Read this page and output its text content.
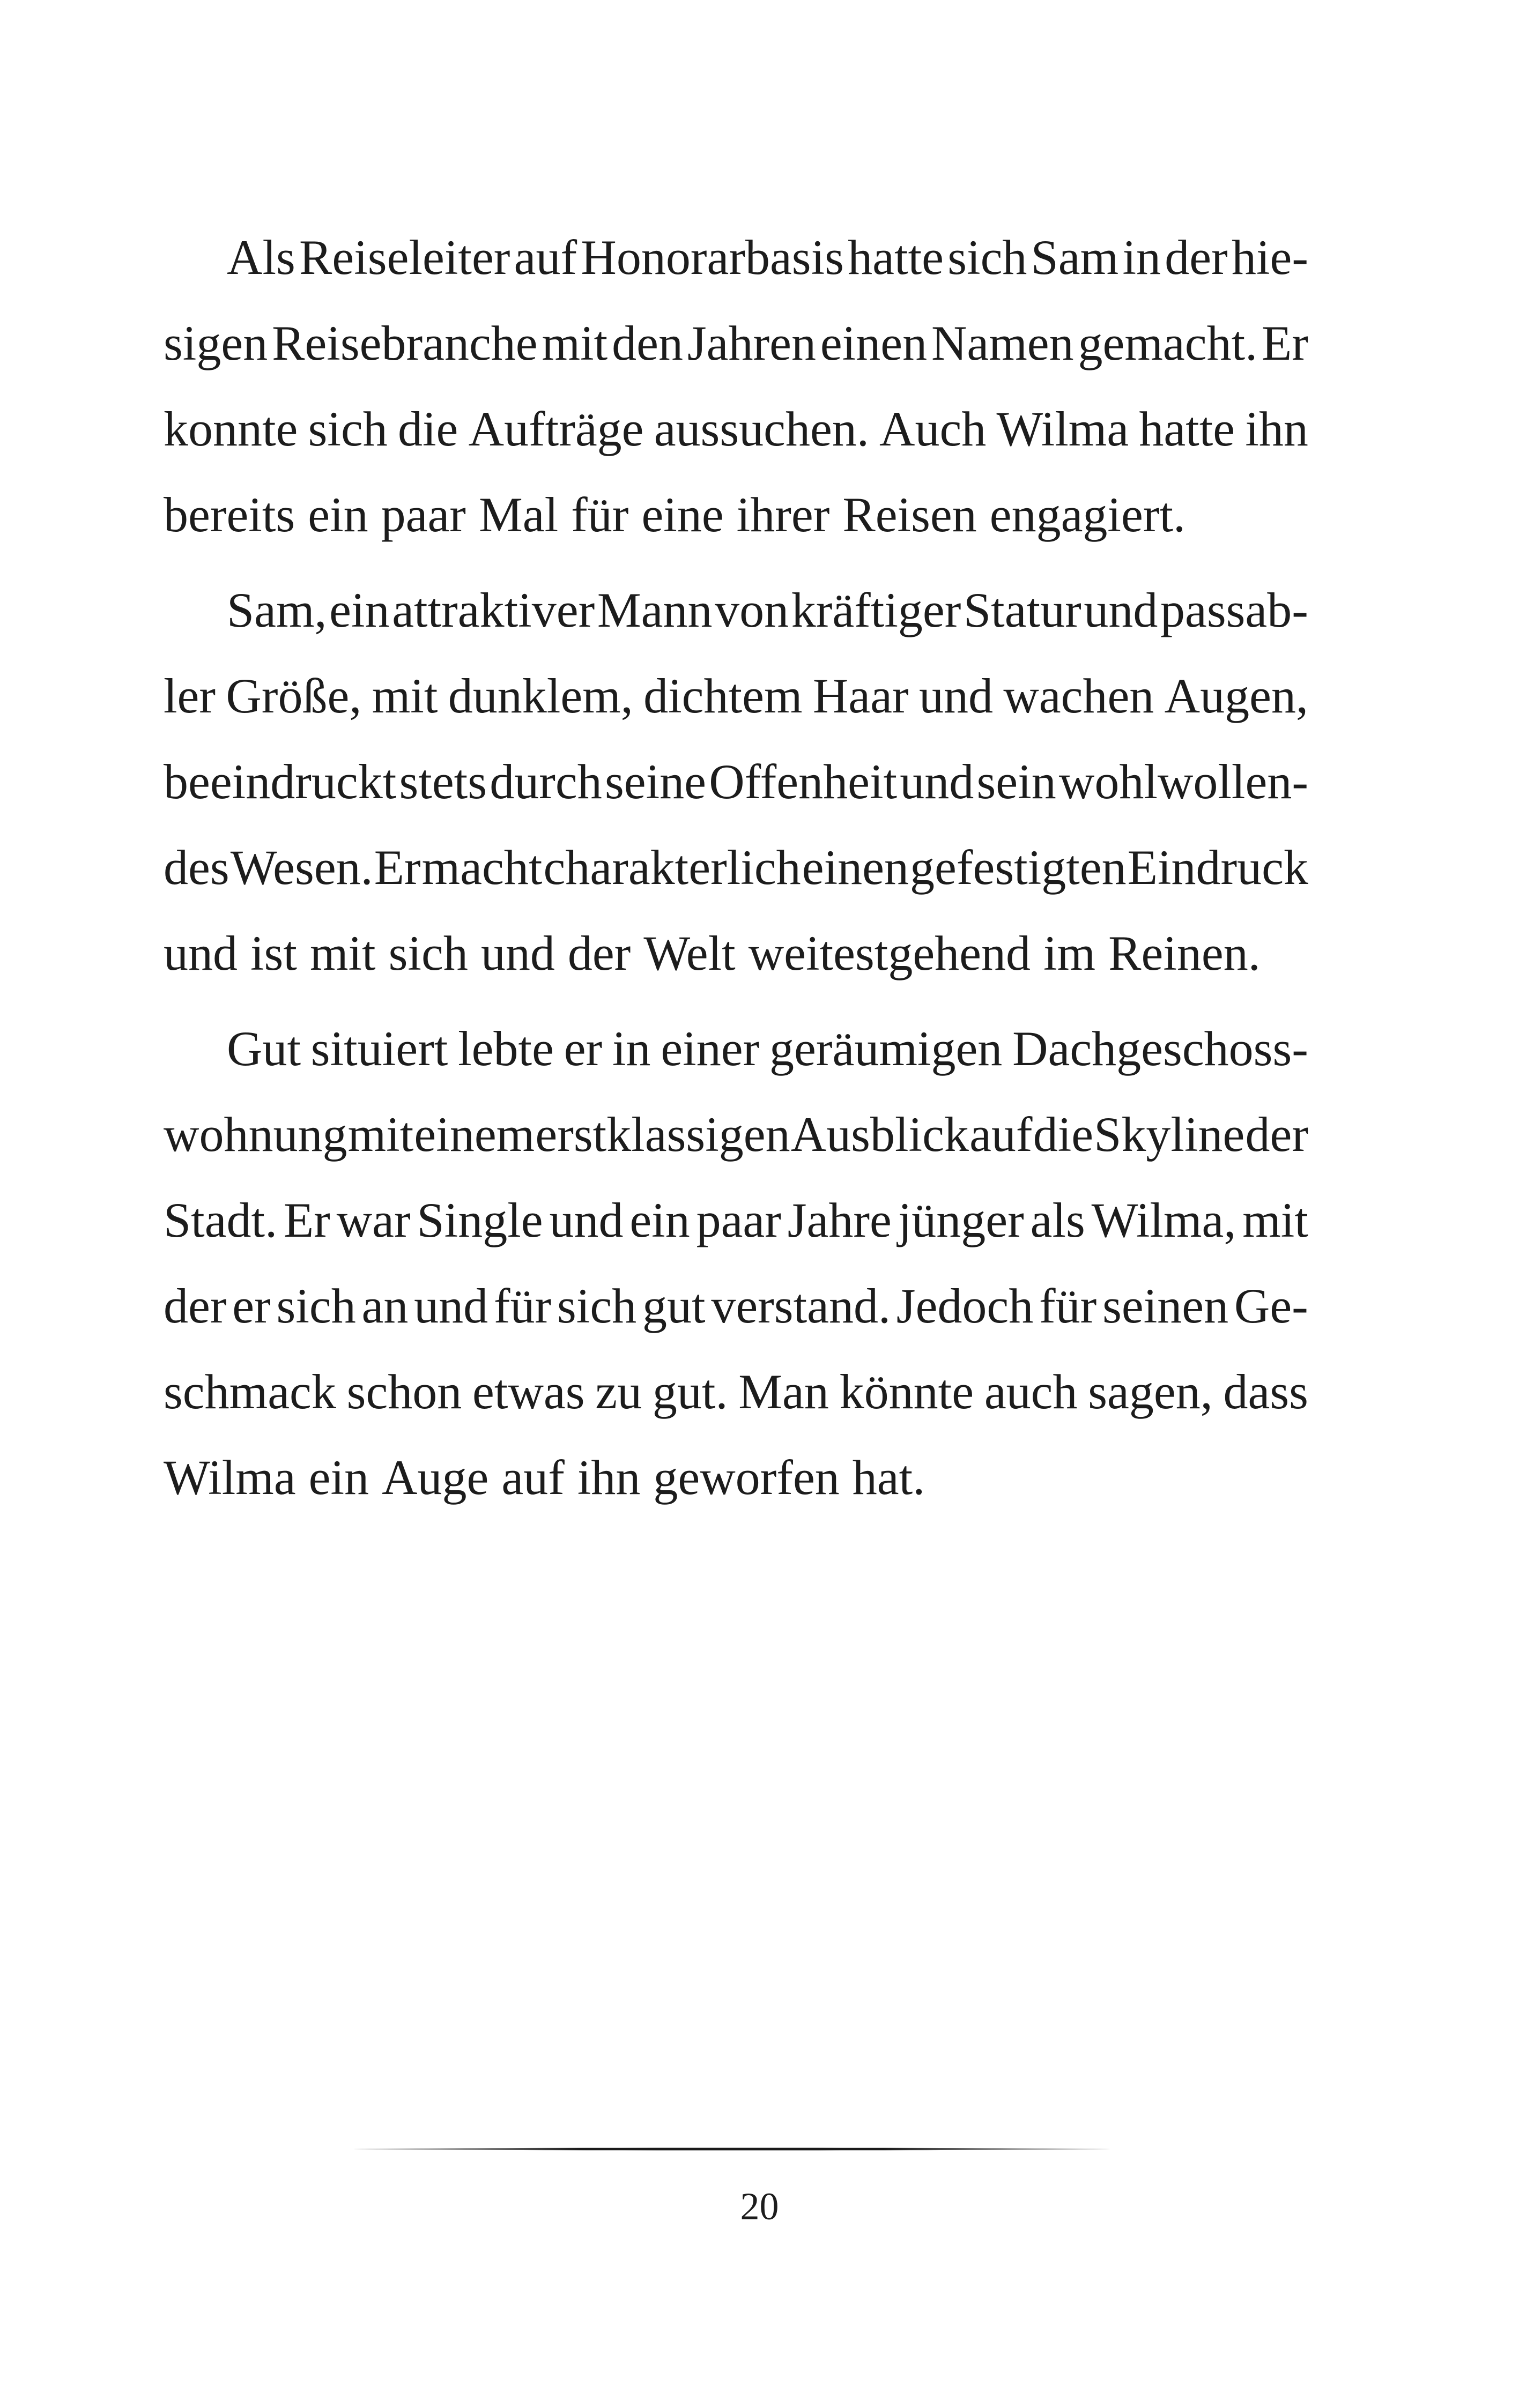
Als Reiseleiter auf Honorarbasis hatte sich Sam in der hie-
sigen Reisebranche mit den Jahren einen Namen gemacht. Er
konnte sich die Aufträge aussuchen. Auch Wilma hatte ihn
bereits ein paar Mal für eine ihrer Reisen engagiert.
Sam, ein attraktiver Mann von kräftiger Statur und passab-
ler Größe, mit dunklem, dichtem Haar und wachen Augen,
beeindruckt stets durch seine Offenheit und sein wohlwollen-
des Wesen. Er macht charakterlich einen gefestigten Eindruck
und ist mit sich und der Welt weitestgehend im Reinen.
Gut situiert lebte er in einer geräumigen Dachgeschoss-
wohnung mit einem erstklassigen Ausblick auf die Skyline der
Stadt. Er war Single und ein paar Jahre jünger als Wilma, mit
der er sich an und für sich gut verstand. Jedoch für seinen Ge-
schmack schon etwas zu gut. Man könnte auch sagen, dass
Wilma ein Auge auf ihn geworfen hat.
20
